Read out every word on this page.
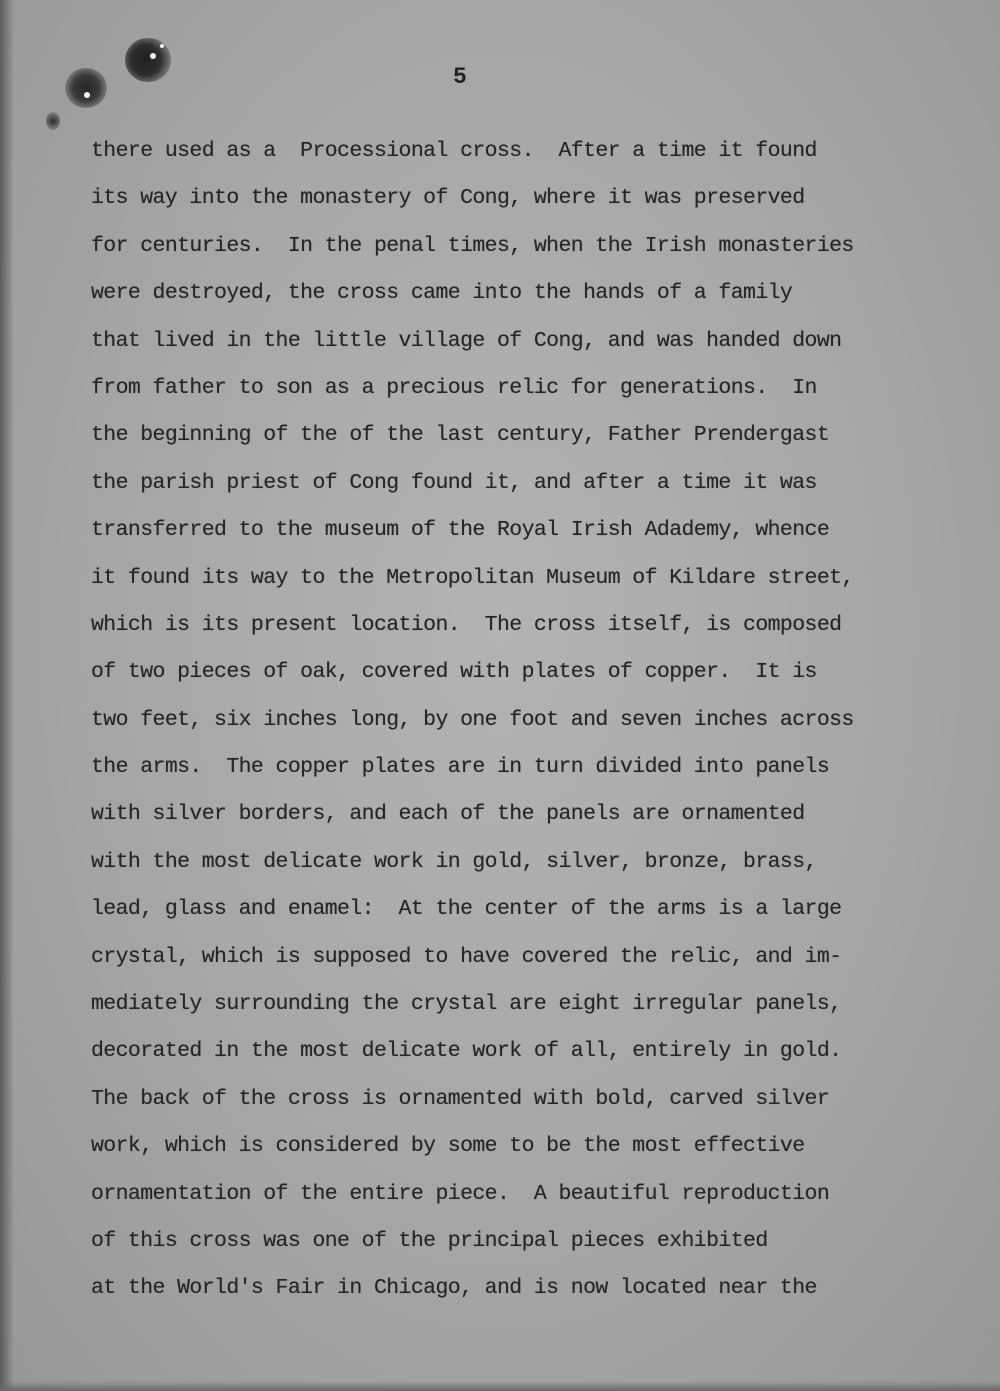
5
there used as a  Processional cross.  After a time it found
its way into the monastery of Cong, where it was preserved
for centuries.  In the penal times, when the Irish monasteries
were destroyed, the cross came into the hands of a family
that lived in the little village of Cong, and was handed down
from father to son as a precious relic for generations.  In
the beginning of the of the last century, Father Prendergast
the parish priest of Cong found it, and after a time it was
transferred to the museum of the Royal Irish Adademy, whence
it found its way to the Metropolitan Museum of Kildare street,
which is its present location.  The cross itself, is composed
of two pieces of oak, covered with plates of copper.  It is
two feet, six inches long, by one foot and seven inches across
the arms.  The copper plates are in turn divided into panels
with silver borders, and each of the panels are ornamented
with the most delicate work in gold, silver, bronze, brass,
lead, glass and enamel:  At the center of the arms is a large
crystal, which is supposed to have covered the relic, and im-
mediately surrounding the crystal are eight irregular panels,
decorated in the most delicate work of all, entirely in gold.
The back of the cross is ornamented with bold, carved silver
work, which is considered by some to be the most effective
ornamentation of the entire piece.  A beautiful reproduction
of this cross was one of the principal pieces exhibited
at the World's Fair in Chicago, and is now located near the
